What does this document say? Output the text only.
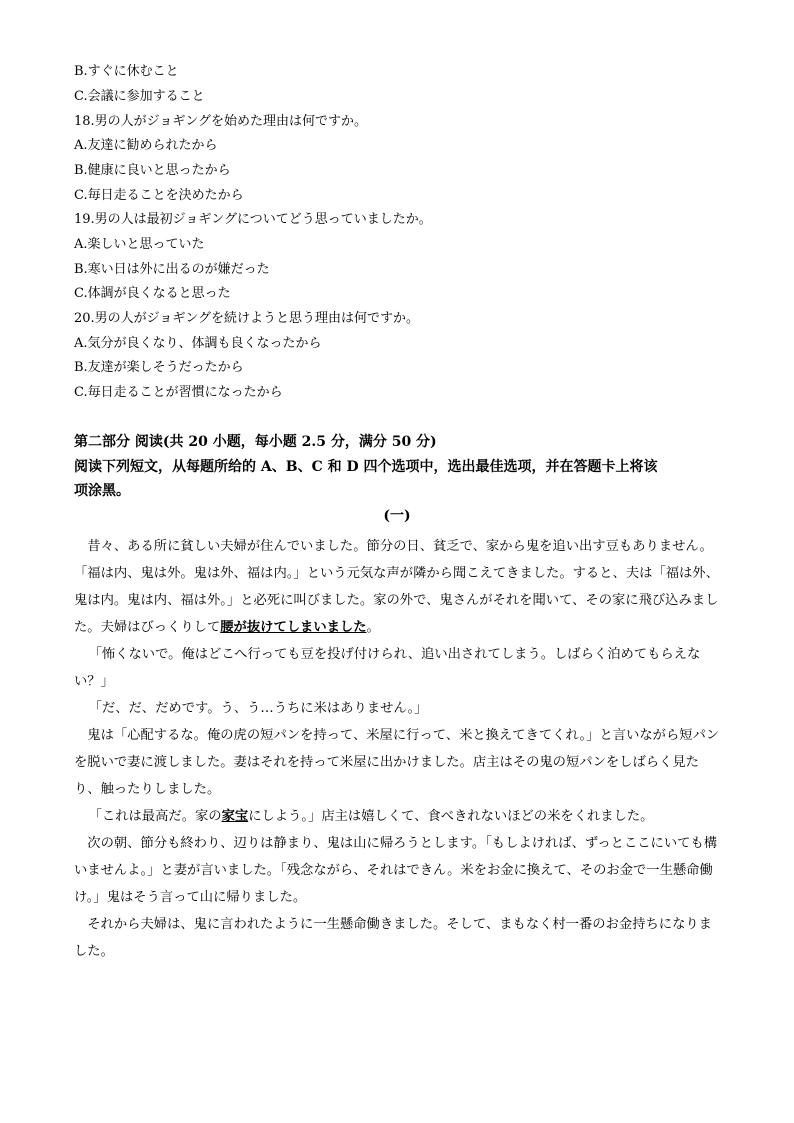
B.すぐに休むこと
C.会議に参加すること
18.男の人がジョギングを始めた理由は何ですか。
A.友達に勧められたから
B.健康に良いと思ったから
C.毎日走ることを決めたから
19.男の人は最初ジョギングについてどう思っていましたか。
A.楽しいと思っていた
B.寒い日は外に出るのが嫌だった
C.体調が良くなると思った
20.男の人がジョギングを続けようと思う理由は何ですか。
A.気分が良くなり、体調も良くなったから
B.友達が楽しそうだったから
C.毎日走ることが習慣になったから
第二部分 阅读(共 20 小题，每小题 2.5 分，满分 50 分)
阅读下列短文，从每题所给的 A、B、C 和 D 四个选项中，选出最佳选项，并在答题卡上将该
项涂黑。
(一)

昔々、ある所に貧しい夫婦が住んでいました。節分の日、貧乏で、家から鬼を追い出す豆もありません。「福は内、鬼は外。鬼は外、福は内。」という元気な声が隣から聞こえてきました。すると、夫は「福は外、鬼は内。鬼は内、福は外。」と必死に叫びました。家の外で、鬼さんがそれを聞いて、その家に飛び込みました。夫婦はびっくりして腰が抜けてしまいました。

「怖くないで。俺はどこへ行っても豆を投げ付けられ、追い出されてしまう。しばらく泊めてもらえない？」

「だ、だ、だめです。う、う…うちに米はありません。」

鬼は「心配するな。俺の虎の短パンを持って、米屋に行って、米と換えてきてくれ。」と言いながら短パンを脱いで妻に渡しました。妻はそれを持って米屋に出かけました。店主はその鬼の短パンをしばらく見たり、触ったりしました。

「これは最高だ。家の家宝にしよう。」店主は嬉しくて、食べきれないほどの米をくれました。

次の朝、節分も終わり、辺りは静まり、鬼は山に帰ろうとします。「もしよければ、ずっとここにいても構いませんよ。」と妻が言いました。「残念ながら、それはできん。米をお金に換えて、そのお金で一生懸命働け。」鬼はそう言って山に帰りました。

それから夫婦は、鬼に言われたように一生懸命働きました。そして、まもなく村一番のお金持ちになりました。
